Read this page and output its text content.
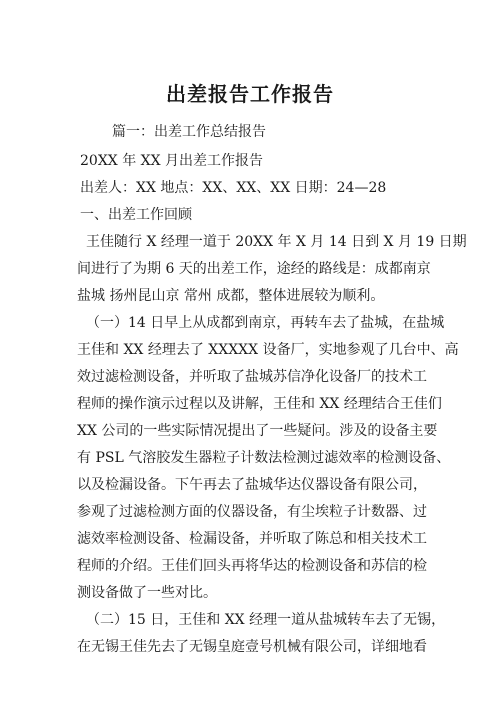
出差报告工作报告
篇一：出差工作总结报告
20XX 年 XX 月出差工作报告
出差人：XX 地点：XX、XX、XX 日期：24—28
一、出差工作回顾
王佳随行 X 经理一道于 20XX 年 X 月 14 日到 X 月 19 日期
间进行了为期 6 天的出差工作，途经的路线是：成都南京
盐城 扬州昆山京 常州 成都，整体进展较为顺利。
（一）14 日早上从成都到南京，再转车去了盐城，在盐城
王佳和 XX 经理去了 XXXXX 设备厂，实地参观了几台中、高
效过滤检测设备，并听取了盐城苏信净化设备厂的技术工
程师的操作演示过程以及讲解，王佳和 XX 经理结合王佳们
XX 公司的一些实际情况提出了一些疑问。涉及的设备主要
有 PSL 气溶胶发生器粒子计数法检测过滤效率的检测设备、
以及检漏设备。下午再去了盐城华达仪器设备有限公司，
参观了过滤检测方面的仪器设备，有尘埃粒子计数器、过
滤效率检测设备、检漏设备，并听取了陈总和相关技术工
程师的介绍。王佳们回头再将华达的检测设备和苏信的检
测设备做了一些对比。
（二）15 日，王佳和 XX 经理一道从盐城转车去了无锡，
在无锡王佳先去了无锡皇庭壹号机械有限公司，详细地看
